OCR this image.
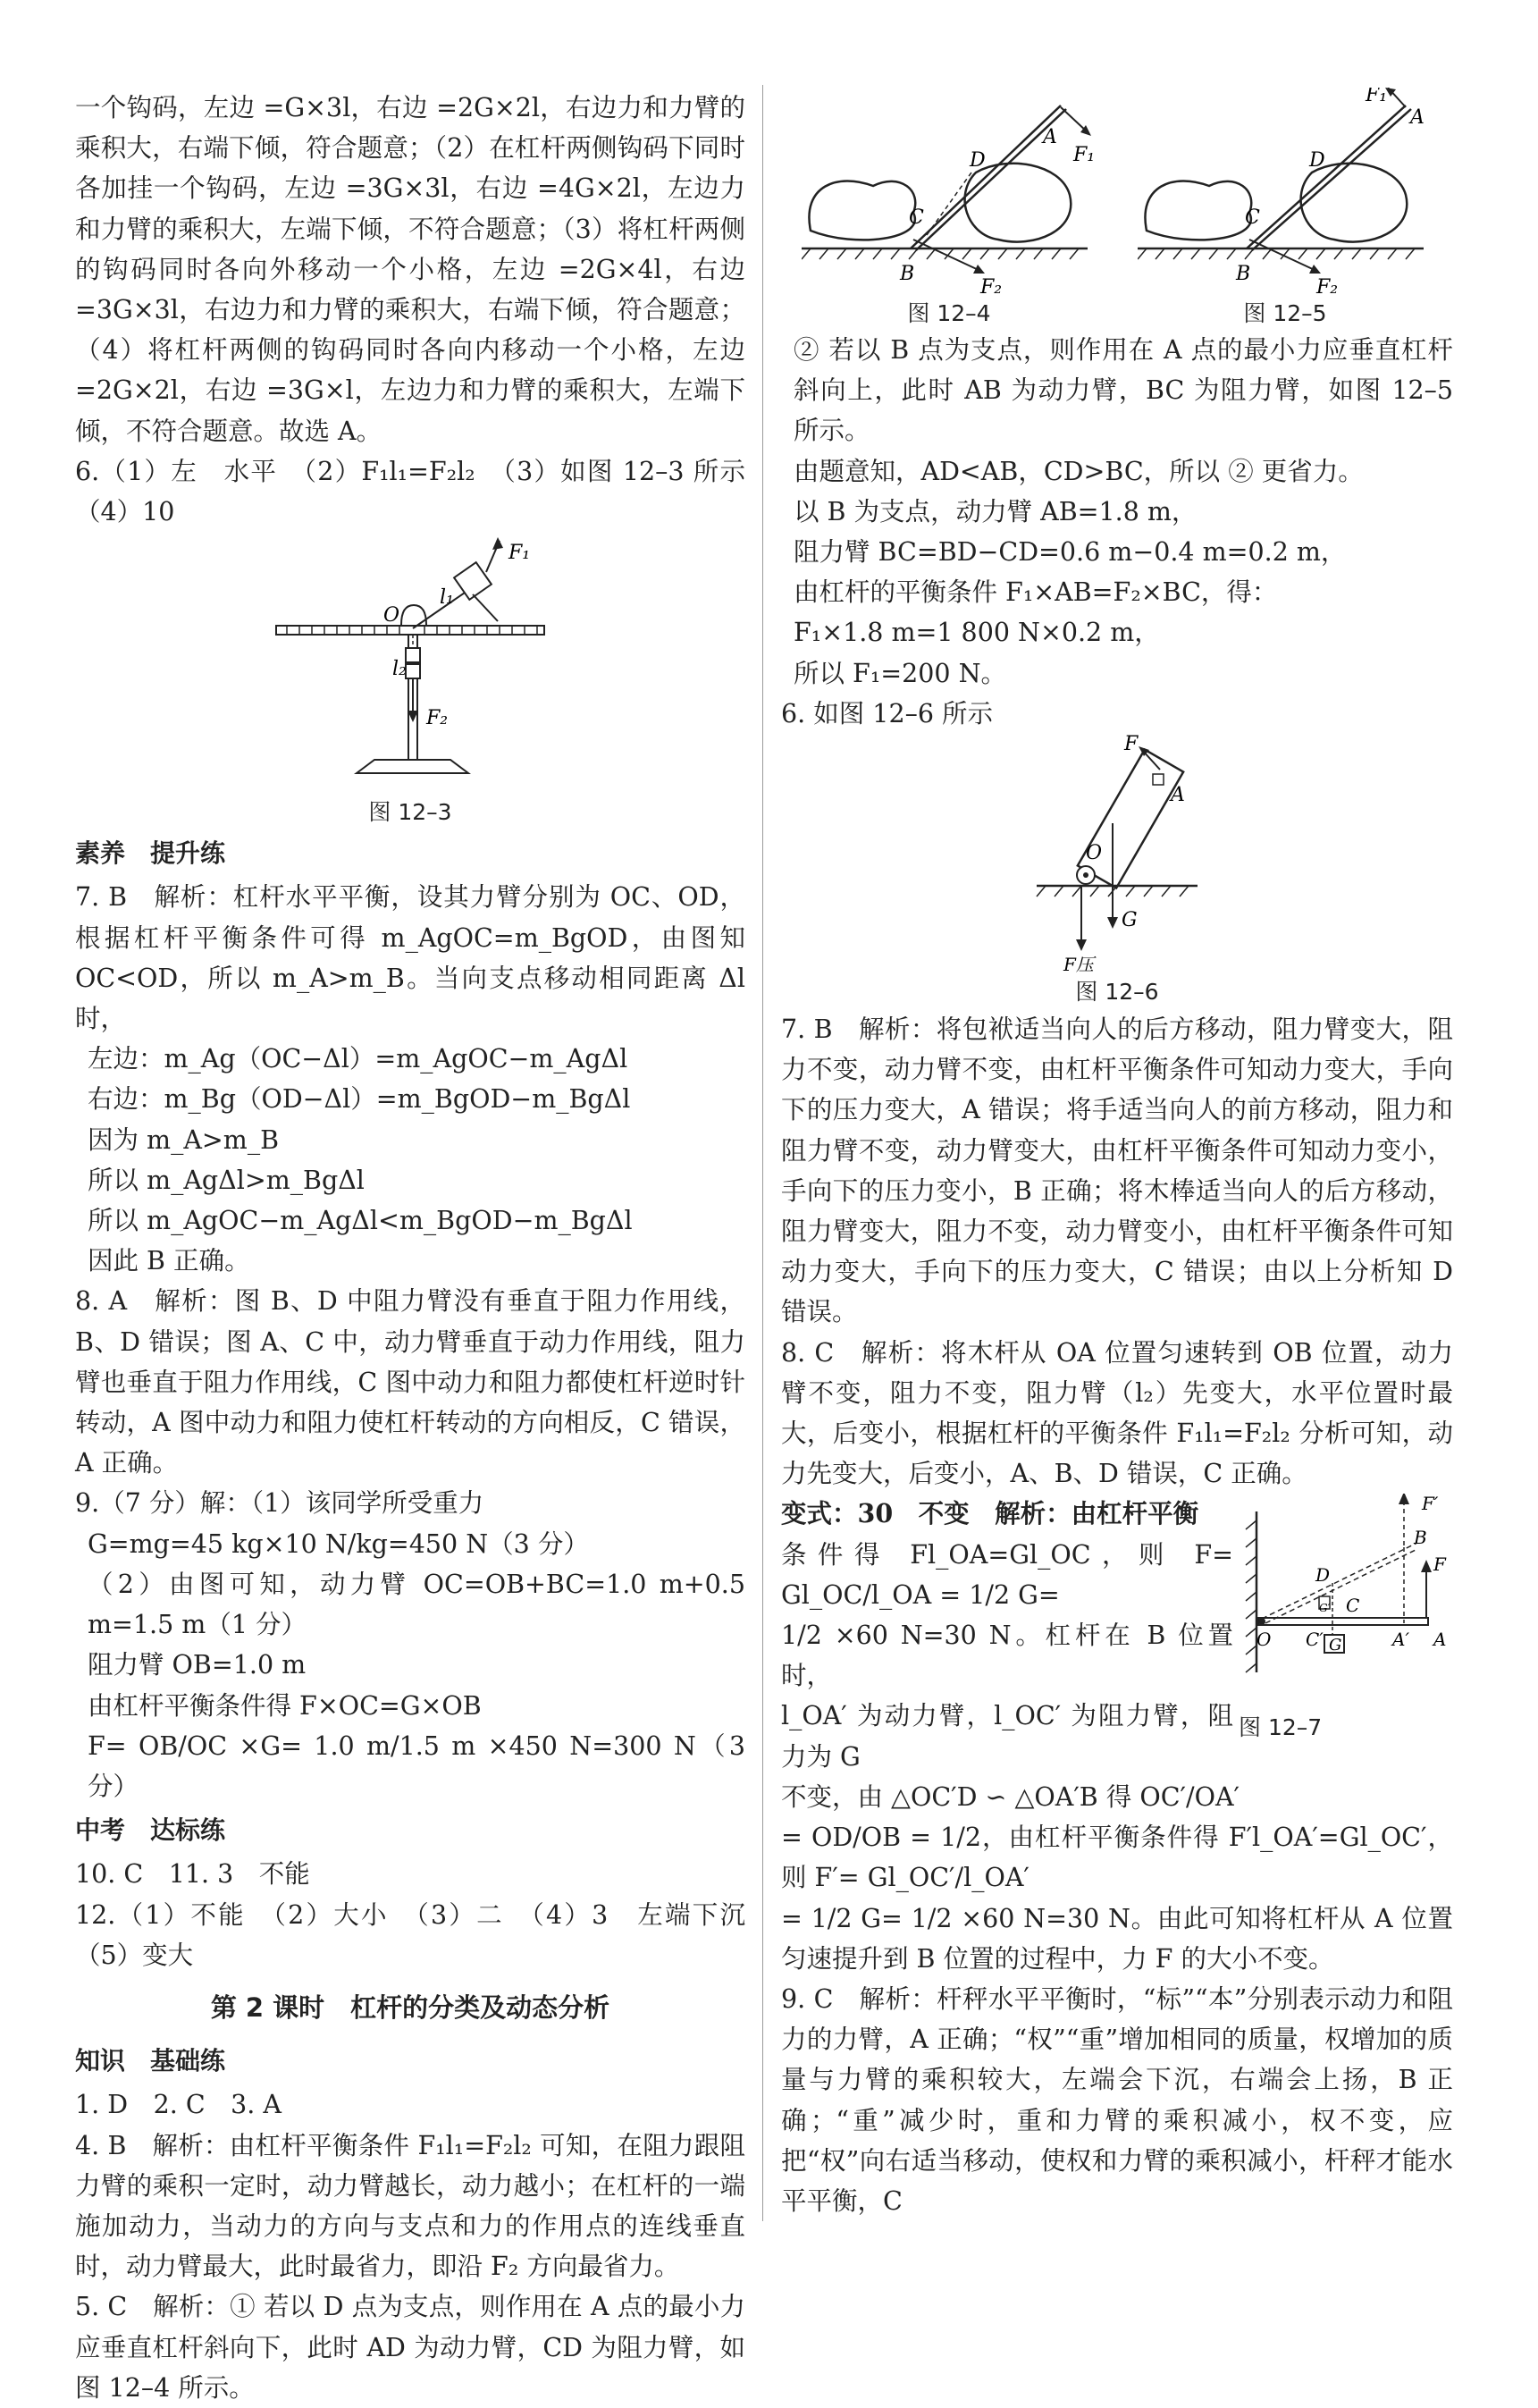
一个钩码，左边 =G×3l，右边 =2G×2l，右边力和力臂的乘积大，右端下倾，符合题意；（2）在杠杆两侧钩码下同时各加挂一个钩码，左边 =3G×3l，右边 =4G×2l，左边力和力臂的乘积大，左端下倾，不符合题意；（3）将杠杆两侧的钩码同时各向外移动一个小格，左边 =2G×4l，右边 =3G×3l，右边力和力臂的乘积大，右端下倾，符合题意；（4）将杠杆两侧的钩码同时各向内移动一个小格，左边 =2G×2l，右边 =3G×l，左边力和力臂的乘积大，左端下倾，不符合题意。故选 A。

6.（1）左　水平　（2）F₁l₁=F₂l₂　（3）如图 12–3 所示　（4）10

O
F₁
l₁
l₂
F₂
图 12–3

素养　提升练

7. B　解析：杠杆水平平衡，设其力臂分别为 OC、OD，根据杠杆平衡条件可得 m_AgOC=m_BgOD，由图知 OC<OD，所以 m_A>m_B。当向支点移动相同距离 Δl 时，

左边：m_Ag（OC−Δl）=m_AgOC−m_AgΔl

右边：m_Bg（OD−Δl）=m_BgOD−m_BgΔl

因为 m_A>m_B

所以 m_AgΔl>m_BgΔl

所以 m_AgOC−m_AgΔl<m_BgOD−m_BgΔl

因此 B 正确。

8. A　解析：图 B、D 中阻力臂没有垂直于阻力作用线，B、D 错误；图 A、C 中，动力臂垂直于动力作用线，阻力臂也垂直于阻力作用线，C 图中动力和阻力都使杠杆逆时针转动，A 图中动力和阻力使杠杆转动的方向相反，C 错误，A 正确。

9.（7 分）解：（1）该同学所受重力

G=mg=45 kg×10 N/kg=450 N（3 分）

（2）由图可知，动力臂 OC=OB+BC=1.0 m+0.5 m=1.5 m（1 分）

阻力臂 OB=1.0 m

由杠杆平衡条件得 F×OC=G×OB

F= OB/OC ×G= 1.0 m/1.5 m ×450 N=300 N（3 分）

中考　达标练

10. C　11. 3　不能

12.（1）不能　（2）大小　（3）二　（4）3　左端下沉　（5）变大

第 2 课时　杠杆的分类及动态分析

知识　基础练

1. D　2. C　3. A

4. B　解析：由杠杆平衡条件 F₁l₁=F₂l₂ 可知，在阻力跟阻力臂的乘积一定时，动力臂越长，动力越小；在杠杆的一端施加动力，当动力的方向与支点和力的作用点的连线垂直时，动力臂最大，此时最省力，即沿 F₂ 方向最省力。

5. C　解析：① 若以 D 点为支点，则作用在 A 点的最小力应垂直杠杆斜向下，此时 AD 为动力臂，CD 为阻力臂，如图 12–4 所示。

A
F₁
D
C
B
F₂
图 12–4
A
F₁
D
C
B
F₂
图 12–5

② 若以 B 点为支点，则作用在 A 点的最小力应垂直杠杆斜向上，此时 AB 为动力臂，BC 为阻力臂，如图 12–5 所示。

由题意知，AD<AB，CD>BC，所以 ② 更省力。

以 B 为支点，动力臂 AB=1.8 m，

阻力臂 BC=BD−CD=0.6 m−0.4 m=0.2 m，

由杠杆的平衡条件 F₁×AB=F₂×BC，得：

F₁×1.8 m=1 800 N×0.2 m，

所以 F₁=200 N。

6. 如图 12–6 所示

F
A
O
G
F压
图 12–6

7. B　解析：将包袱适当向人的后方移动，阻力臂变大，阻力不变，动力臂不变，由杠杆平衡条件可知动力变大，手向下的压力变大，A 错误；将手适当向人的前方移动，阻力和阻力臂不变，动力臂变大，由杠杆平衡条件可知动力变小，手向下的压力变小，B 正确；将木棒适当向人的后方移动，阻力臂变大，阻力不变，动力臂变小，由杠杆平衡条件可知动力变大，手向下的压力变大，C 错误；由以上分析知 D 错误。

8. C　解析：将木杆从 OA 位置匀速转到 OB 位置，动力臂不变，阻力不变，阻力臂（l₂）先变大，水平位置时最大，后变小，根据杠杆的平衡条件 F₁l₁=F₂l₂ 分析可知，动力先变大，后变小，A、B、D 错误，C 正确。

F′
B
F
D
G′ C
O C′ G	A′ A
图 12–7

变式：30　不变　解析：由杠杆平衡

条件得 Fl_OA=Gl_OC，则 F= Gl_OC/l_OA = 1/2 G=

1/2 ×60 N=30 N。杠杆在 B 位置时，

l_OA′ 为动力臂，l_OC′ 为阻力臂，阻力为 G

不变，由 △OC′D ∽ △OA′B 得 OC′/OA′

= OD/OB = 1/2，由杠杆平衡条件得 F′l_OA′=Gl_OC′，则 F′= Gl_OC′/l_OA′

= 1/2 G= 1/2 ×60 N=30 N。由此可知将杠杆从 A 位置匀速提升到 B 位置的过程中，力 F 的大小不变。

9. C　解析：杆秤水平平衡时，“标”“本”分别表示动力和阻力的力臂，A 正确；“权”“重”增加相同的质量，权增加的质量与力臂的乘积较大，左端会下沉，右端会上扬，B 正确；“重”减少时，重和力臂的乘积减小，权不变，应把“权”向右适当移动，使权和力臂的乘积减小，杆秤才能水平平衡，C
